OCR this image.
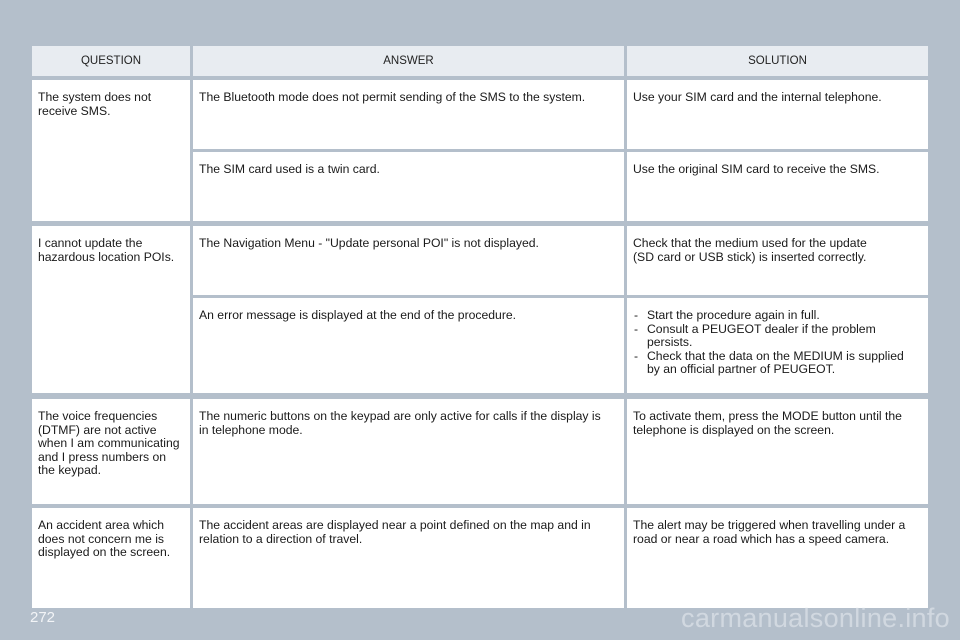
QUESTION	ANSWER	SOLUTION
The system does not
receive SMS.
The Bluetooth mode does not permit sending of the SMS to the system.	Use your SIM card and the internal telephone.
The SIM card used is a twin card.	Use the original SIM card to receive the SMS.
I cannot update the
hazardous location POIs.
The Navigation Menu - "Update personal POI" is not displayed.	Check that the medium used for the update
(SD card or USB stick) is inserted correctly.
An error message is displayed at the end of the procedure.
-	Start the procedure again in full.
- Consult a PEUGEOT dealer if the problem
persists.
- Check that the data on the MEDIUM is supplied
by an official partner of PEUGEOT.
The voice frequencies
(DTMF) are not active
when I am communicating
and I press numbers on
the keypad.
The numeric buttons on the keypad are only active for calls if the display is
in telephone mode.
To activate them, press the MODE button until the
telephone is displayed on the screen.
An accident area which
does not concern me is
displayed on the screen.
The accident areas are displayed near a point defined on the map and in
relation to a direction of travel.
The alert may be triggered when travelling under a
road or near a road which has a speed camera.
272	carmanualsonline.info
